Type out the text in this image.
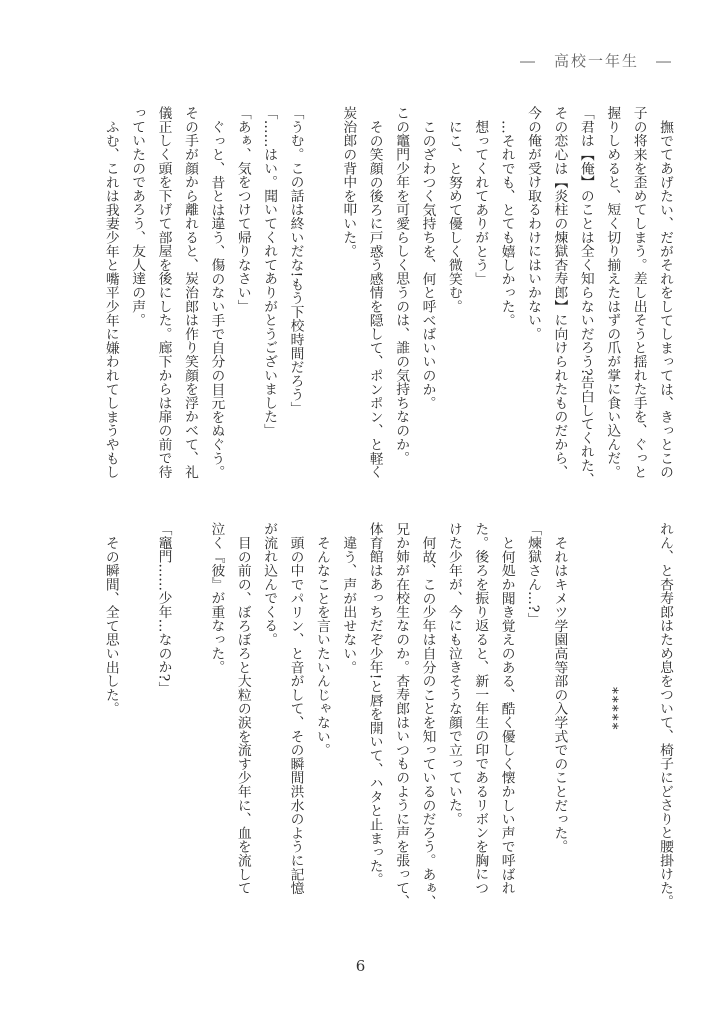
―　高校一年生　―

撫でてあげたい、だがそれをしてしまっては、きっとこの

子の将来を歪めてしまう。差し出そうと揺れた手を、ぐっと

握りしめると、短く切り揃えたはずの爪が掌に食い込んだ。

「君は【俺】のことは全く知らないだろう?告白してくれた、

その恋心は【炎柱の煉獄杏寿郎】に向けられたものだから、

今の俺が受け取るわけにはいかない。

…それでも、とても嬉しかった。

想ってくれてありがとう」

にこ、と努めて優しく微笑む。

このざわつく気持ちを、何と呼べばいいのか。

この竈門少年を可愛らしく思うのは、誰の気持ちなのか。

その笑顔の後ろに戸惑う感情を隠して、ポンポン、と軽く

炭治郎の背中を叩いた。

「うむ。この話は終いだな!もう下校時間だろう」

「……はい。聞いてくれてありがとうございました」

「あぁ、気をつけて帰りなさい」

ぐっと、昔とは違う、傷のない手で自分の目元をぬぐう。

その手が顔から離れると、炭治郎は作り笑顔を浮かべて、礼

儀正しく頭を下げて部屋を後にした。廊下からは扉の前で待

っていたのであろう、友人達の声。

ふむ、これは我妻少年と嘴平少年に嫌われてしまうやもし

れん、と杏寿郎はため息をついて、椅子にどさりと腰掛けた。

*****

それはキメツ学園高等部の入学式でのことだった。

「煉獄さん…?」

と何処か聞き覚えのある、酷く優しく懐かしい声で呼ばれ

た。後ろを振り返ると、新一年生の印であるリボンを胸につ

けた少年が、今にも泣きそうな顔で立っていた。

何故、この少年は自分のことを知っているのだろう。あぁ、

兄か姉が在校生なのか。杏寿郎はいつものように声を張って、

体育館はあっちだぞ少年!と唇を開いて、ハタと止まった。

違う、声が出せない。

そんなことを言いたいんじゃない。

頭の中でパリン、と音がして、その瞬間洪水のように記憶

が流れ込んでくる。

目の前の、ぼろぼろと大粒の涙を流す少年に、血を流して

泣く『彼』が重なった。

「竈門……少年…なのか?」

その瞬間、全て思い出した。

6
